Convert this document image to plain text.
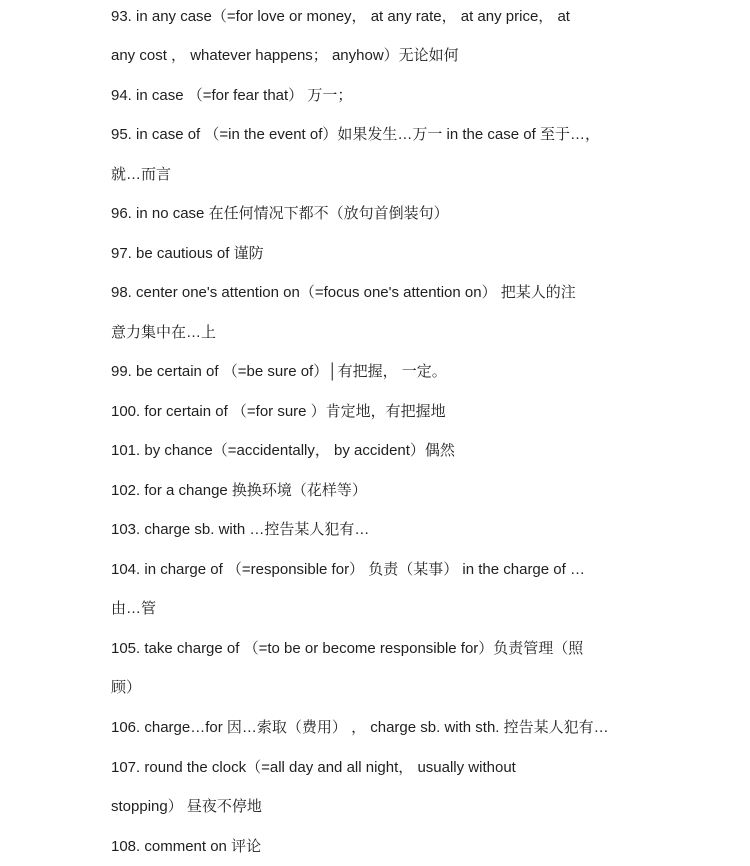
93. in any case（=for love or money， at any rate， at any price， at
any cost ， whatever happens； anyhow）无论如何
94. in case （=for fear that） 万一；
95. in case of （=in the event of）如果发生…万一 in the case of 至于…，
就…而言
96. in no case 在任何情况下都不（放句首倒装句）
97. be cautious of 谨防
98. center one's attention on（=focus one's attention on） 把某人的注
意力集中在…上
99. be certain of （=be sure of）│有把握， 一定。
100. for certain of （=for sure ）肯定地，有把握地
101. by chance（=accidentally， by accident）偶然
102. for a change 换换环境（花样等）
103. charge sb. with …控告某人犯有…
104. in charge of （=responsible for） 负责（某事） in the charge of …
由…管
105. take charge of （=to be or become responsible for）负责管理（照
顾）
106. charge…for 因…索取（费用） ， charge sb. with sth. 控告某人犯有…
107. round the clock（=all day and all night， usually without
stopping） 昼夜不停地
108. comment on 评论
